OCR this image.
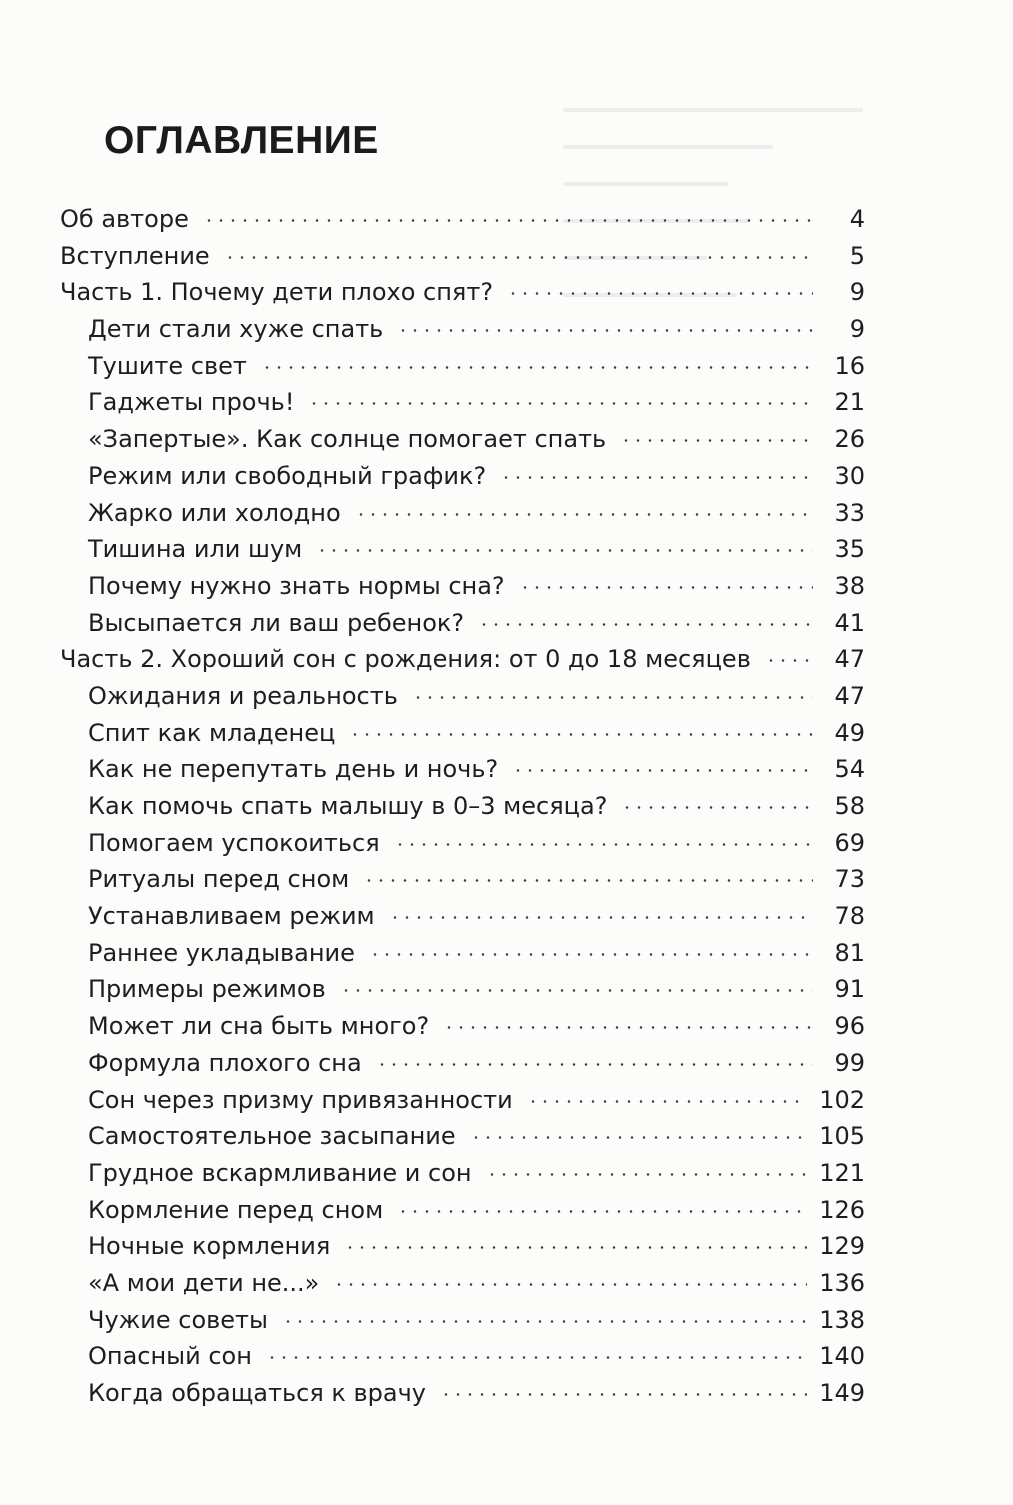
ОГЛАВЛЕНИЕ
Об авторе	4
Вступление	5
Часть 1. Почему дети плохо спят?	9
Дети стали хуже спать	9
Тушите свет	16
Гаджеты прочь!	21
«Запертые». Как солнце помогает спать	26
Режим или свободный график?	30
Жарко или холодно	33
Тишина или шум	35
Почему нужно знать нормы сна?	38
Высыпается ли ваш ребенок?	41
Часть 2. Хороший сон с рождения: от 0 до 18 месяцев	47
Ожидания и реальность	47
Спит как младенец	49
Как не перепутать день и ночь?	54
Как помочь спать малышу в 0–3 месяца?	58
Помогаем успокоиться	69
Ритуалы перед сном	73
Устанавливаем режим	78
Раннее укладывание	81
Примеры режимов	91
Может ли сна быть много?	96
Формула плохого сна	99
Сон через призму привязанности	102
Самостоятельное засыпание	105
Грудное вскармливание и сон	121
Кормление перед сном	126
Ночные кормления	129
«А мои дети не...»	136
Чужие советы	138
Опасный сон	140
Когда обращаться к врачу	149
